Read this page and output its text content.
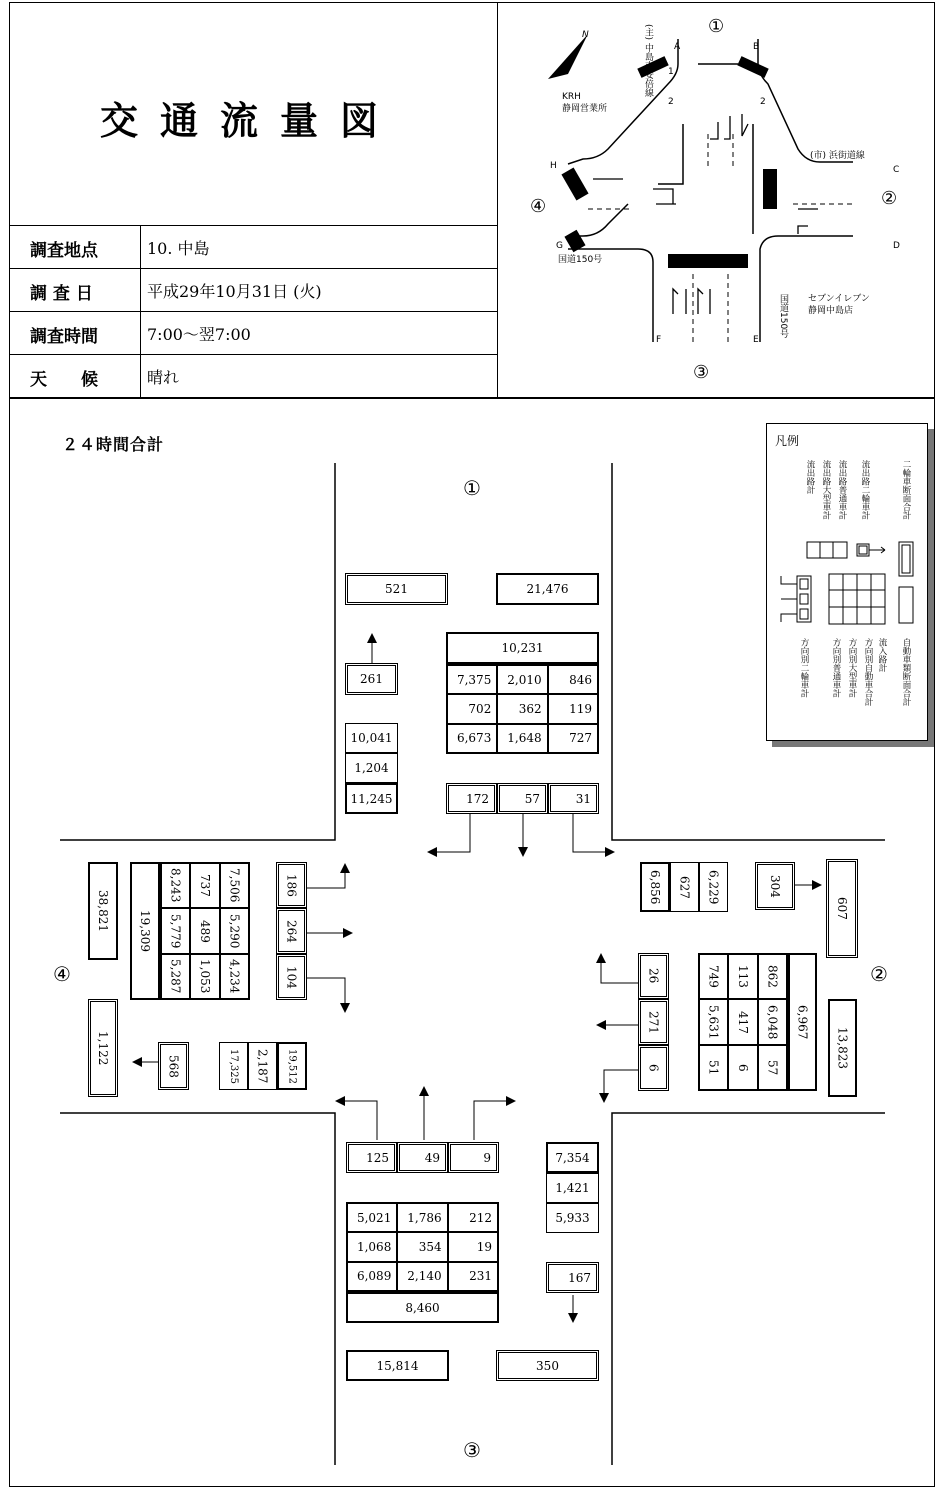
交通流量図
調査地点	10. 中島
調 査 日	平成29年10月31日 (火)
調査時間	7:00～翌7:00
天　　候	晴れ
①
②
③
④
KRH
静岡営業所
セブンイレブン
静岡中島店
(市) 浜街道線
国道150号
N
A	B
C
D
E
F
G
H
1
2
1
2
(主) 中島南安倍線
国道150号
２４時間合計	凡例
流出路計 流出路大型車計 流出路普通車計 流出路二輪車計	二輪車断面合計
方向別二輪車計	方向別普通車計 方向別大型車計 方向別自動車合計 流入路計 自動車類断面合計
①
②
③
④
521	21,476
261
10,041
1,204
11,245
10,231
7,375	2,010	846
702	362	119
6,673	1,648	727
172	57	31
6,856	627	6,229	304
607
26
271
6
749 113 862
5,631 417 6,048
51 6 57
6,967
13,823
125	49	9	7,354
1,421
5,933
5,021	1,786	212
1,068	354	19
6,089	2,140	231
8,460
167
15,814	350
38,821	19,309
8,243 737 7,506
5,779 489 5,290
5,287 1,053 4,234
186
264
104
1,122
568	17,325	2,187	19,512
